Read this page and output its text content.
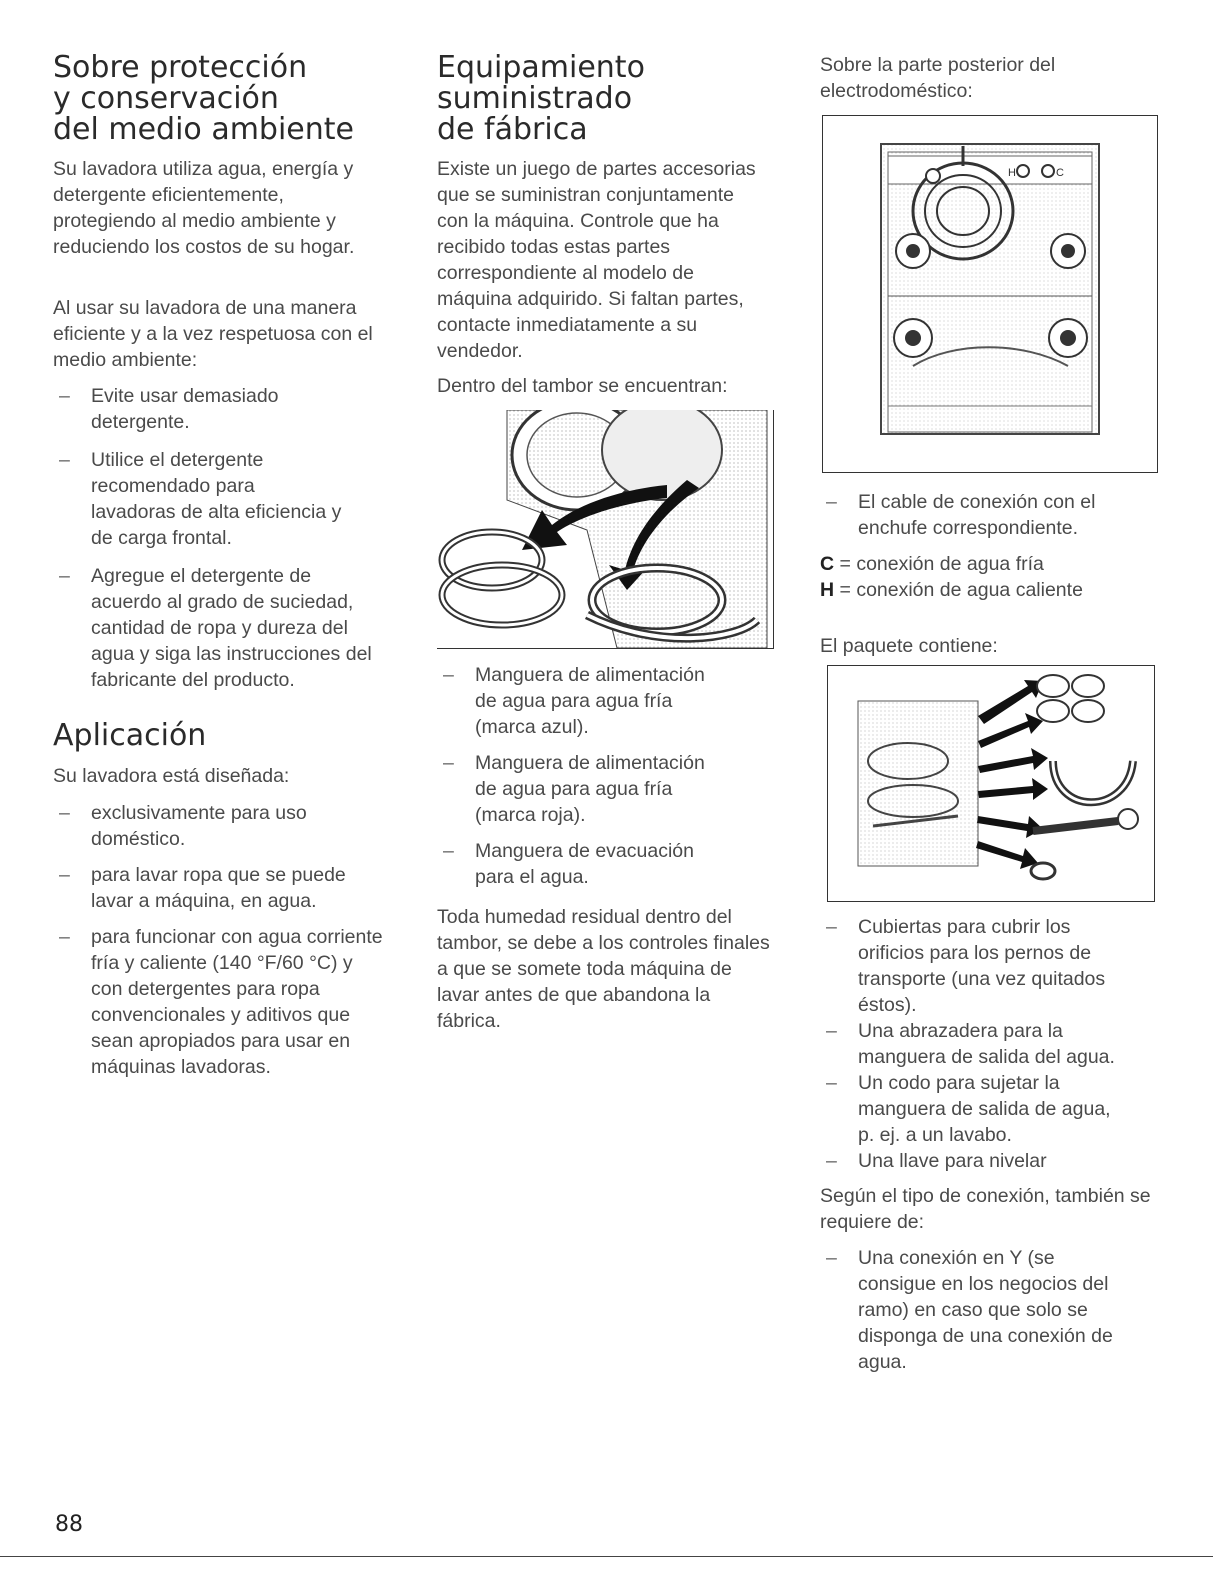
Sobre protección
y conservación
del medio ambiente

Su lavadora utiliza agua, energía y detergente eficientemente, protegiendo al medio ambiente y reduciendo los costos de su hogar.

Al usar su lavadora de una manera eficiente y a la vez respetuosa con el medio ambiente:

– Evite usar demasiado detergente.
– Utilice el detergente recomendado para lavadoras de alta eficiencia y de carga frontal.
– Agregue el detergente de acuerdo al grado de suciedad, cantidad de ropa y dureza del agua y siga las instrucciones del fabricante del producto.
Aplicación

Su lavadora está diseñada:

– exclusivamente para uso doméstico.
– para lavar ropa que se puede lavar a máquina, en agua.
– para funcionar con agua corriente fría y caliente (140 °F/60 °C) y con detergentes para ropa convencionales y aditivos que sean apropiados para usar en máquinas lavadoras.
Equipamiento
suministrado
de fábrica

Existe un juego de partes accesorias que se suministran conjuntamente con la máquina. Controle que ha recibido todas estas partes correspondiente al modelo de máquina adquirido. Si faltan partes, contacte inmediatamente a su vendedor.

Dentro del tambor se encuentran:

– Manguera de alimentación de agua para agua fría (marca azul).
– Manguera de alimentación de agua para agua fría (marca roja).
– Manguera de evacuación para el agua.

Toda humedad residual dentro del tambor, se debe a los controles finales a que se somete toda máquina de lavar antes de que abandona la fábrica.

Sobre la parte posterior del electrodoméstico:

H	C
– El cable de conexión con el enchufe correspondiente.

C = conexión de agua fría

H = conexión de agua caliente

El paquete contiene:

– Cubiertas para cubrir los orificios para los pernos de transporte (una vez quitados éstos).
– Una abrazadera para la manguera de salida del agua.
– Un codo para sujetar la manguera de salida de agua, p. ej. a un lavabo.
– Una llave para nivelar

Según el tipo de conexión, también se requiere de:

– Una conexión en Y (se consigue en los negocios del ramo) en caso que solo se disponga de una conexión de agua.
88
